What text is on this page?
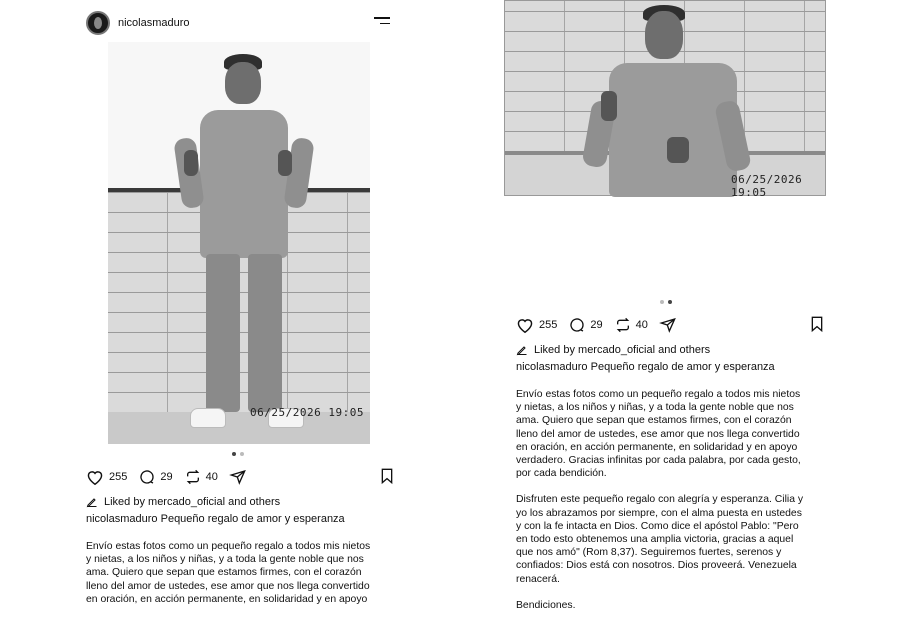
nicolasmaduro
06/25/2026 19:05
255	29	40
Liked by mercado_oficial and others
nicolasmaduro Pequeño regalo de amor y esperanza

Envío estas fotos como un pequeño regalo a todos mis nietos
y nietas, a los niños y niñas, y a toda la gente noble que nos
ama. Quiero que sepan que estamos firmes, con el corazón
lleno del amor de ustedes, ese amor que nos llega convertido
en oración, en acción permanente, en solidaridad y en apoyo

06/25/2026 19:05
255	29	40
Liked by mercado_oficial and others
nicolasmaduro Pequeño regalo de amor y esperanza

Envío estas fotos como un pequeño regalo a todos mis nietos
y nietas, a los niños y niñas, y a toda la gente noble que nos
ama. Quiero que sepan que estamos firmes, con el corazón
lleno del amor de ustedes, ese amor que nos llega convertido
en oración, en acción permanente, en solidaridad y en apoyo
verdadero. Gracias infinitas por cada palabra, por cada gesto,
por cada bendición.

Disfruten este pequeño regalo con alegría y esperanza. Cilia y
yo los abrazamos por siempre, con el alma puesta en ustedes
y con la fe intacta en Dios. Como dice el apóstol Pablo: "Pero
en todo esto obtenemos una amplia victoria, gracias a aquel
que nos amó" (Rom 8,37). Seguiremos fuertes, serenos y
confiados: Dios está con nosotros. Dios proveerá. Venezuela
renacerá.

Bendiciones.
